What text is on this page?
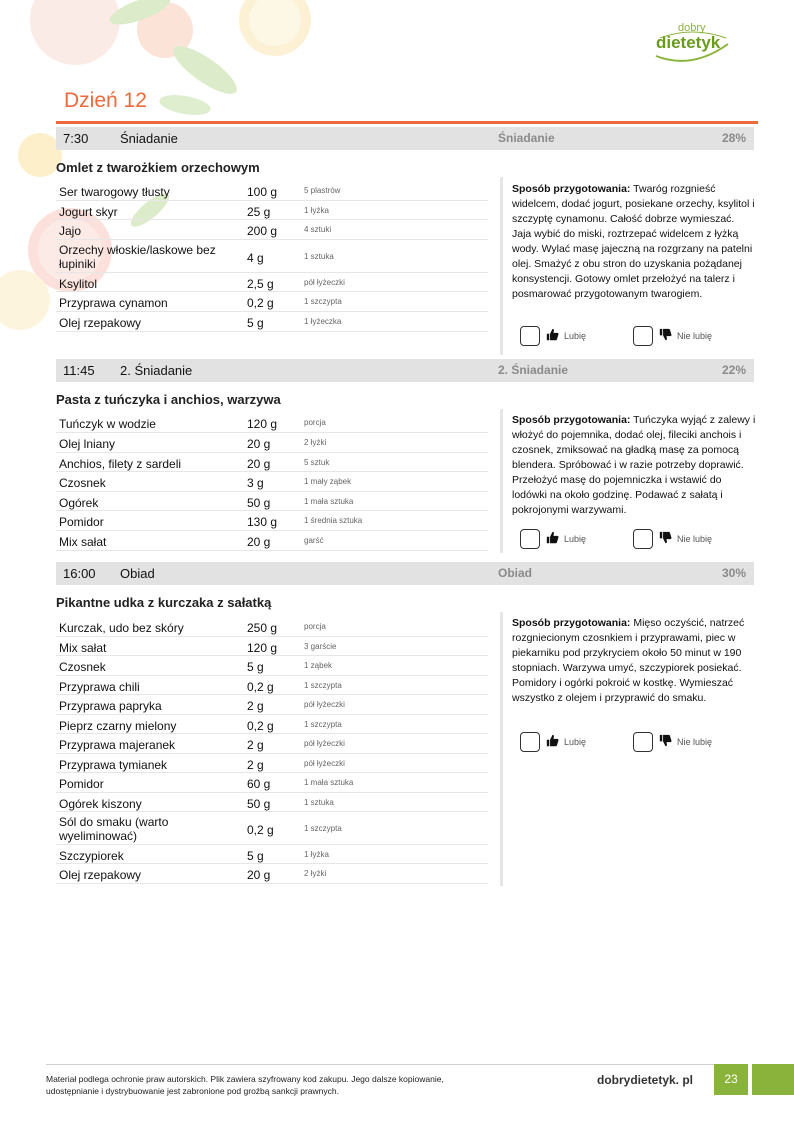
dobry
dietetyk
Dzień 12
7:30 Śniadanie	Śniadanie	28%
Omlet z twarożkiem orzechowym
Ser twarogowy tłusty	100 g	5 plastrów
Jogurt skyr	25 g	1 łyżka
Jajo	200 g	4 sztuki
Orzechy włoskie/laskowe bez łupiniki	4 g	1 sztuka
Ksylitol	2,5 g	pół łyżeczki
Przyprawa cynamon	0,2 g	1 szczypta
Olej rzepakowy	5 g	1 łyżeczka
Sposób przygotowania: Twaróg rozgnieść widelcem, dodać jogurt, posiekane orzechy, ksylitol i szczyptę cynamonu. Całość dobrze wymieszać. Jaja wybić do miski, roztrzepać widelcem z łyżką wody. Wylać masę jajeczną na rozgrzany na patelni olej. Smażyć z obu stron do uzyskania pożądanej konsystencji. Gotowy omlet przełożyć na talerz i posmarować przygotowanym twarogiem.
Lubię	Nie lubię
11:45 2. Śniadanie	2. Śniadanie	22%
Pasta z tuńczyka i anchios, warzywa
Tuńczyk w wodzie	120 g	porcja
Olej lniany	20 g	2 łyżki
Anchios, filety z sardeli	20 g	5 sztuk
Czosnek	3 g	1 mały ząbek
Ogórek	50 g	1 mała sztuka
Pomidor	130 g	1 średnia sztuka
Mix sałat	20 g	garść
Sposób przygotowania: Tuńczyka wyjąć z zalewy i włożyć do pojemnika, dodać olej, fileciki anchois i czosnek, zmiksować na gładką masę za pomocą blendera. Spróbować i w razie potrzeby doprawić. Przełożyć masę do pojemniczka i wstawić do lodówki na około godzinę. Podawać z sałatą i pokrojonymi warzywami.
Lubię	Nie lubię
16:00 Obiad	Obiad	30%
Pikantne udka z kurczaka z sałatką
Kurczak, udo bez skóry	250 g	porcja
Mix sałat	120 g	3 garście
Czosnek	5 g	1 ząbek
Przyprawa chili	0,2 g	1 szczypta
Przyprawa papryka	2 g	pół łyżeczki
Pieprz czarny mielony	0,2 g	1 szczypta
Przyprawa majeranek	2 g	pół łyżeczki
Przyprawa tymianek	2 g	pół łyżeczki
Pomidor	60 g	1 mała sztuka
Ogórek kiszony	50 g	1 sztuka
Sól do smaku (warto wyeliminować)	0,2 g	1 szczypta
Szczypiorek	5 g	1 łyżka
Olej rzepakowy	20 g	2 łyżki
Sposób przygotowania: Mięso oczyścić, natrzeć rozgniecionym czosnkiem i przyprawami, piec w piekarniku pod przykryciem około 50 minut w 190 stopniach. Warzywa umyć, szczypiorek posiekać. Pomidory i ogórki pokroić w kostkę. Wymieszać wszystko z olejem i przyprawić do smaku.
Lubię	Nie lubię
Materiał podlega ochronie praw autorskich. Plik zawiera szyfrowany kod zakupu. Jego dalsze kopiowanie, udostępnianie i dystrybuowanie jest zabronione pod groźbą sankcji prawnych.
dobrydietetyk. pl	23
